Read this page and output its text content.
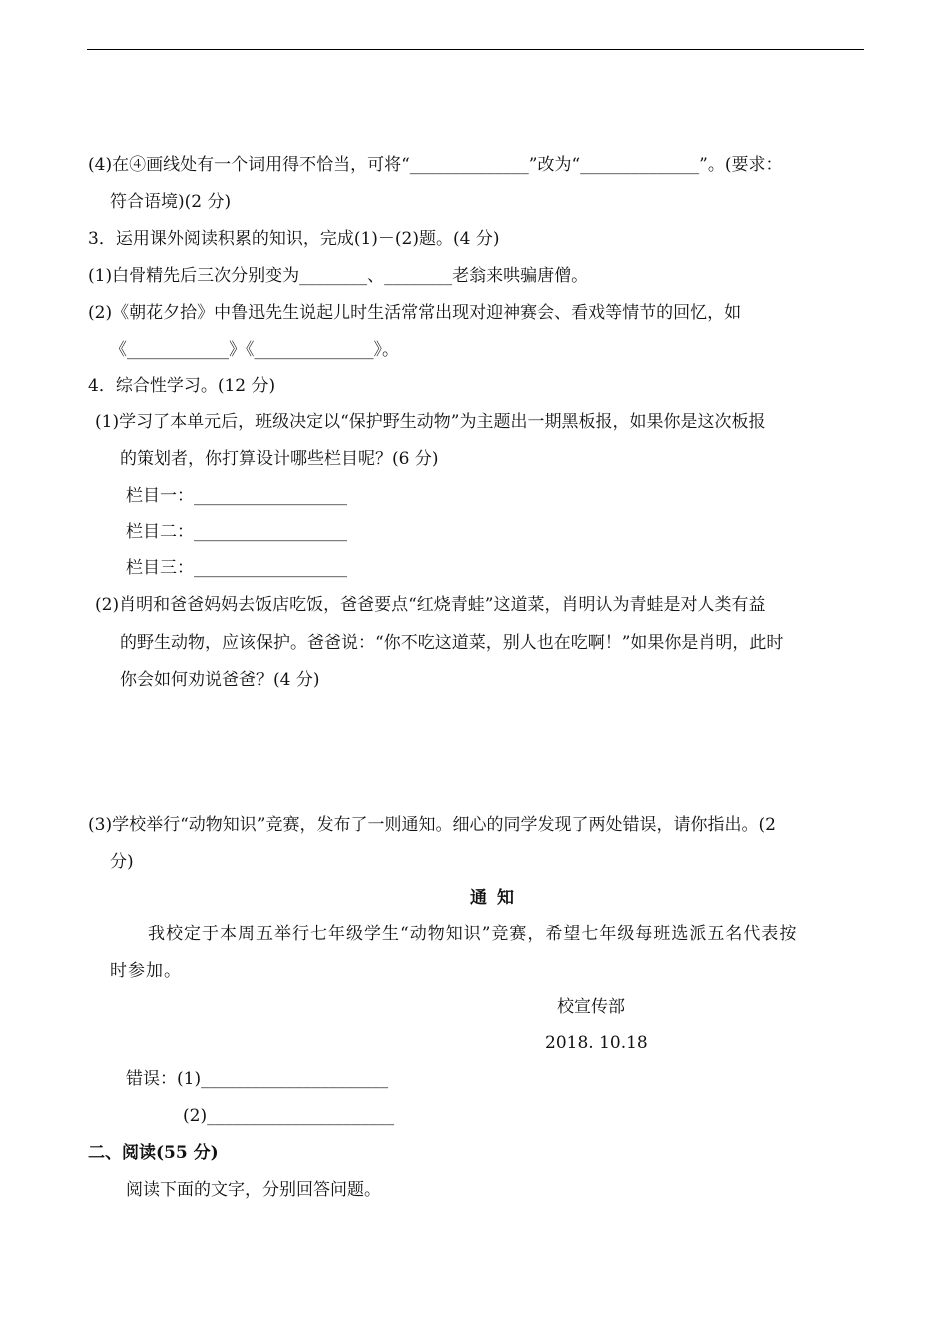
(4)在④画线处有一个词用得不恰当，可将“______________”改为“______________”。(要求：
符合语境)(2 分)
3．运用课外阅读积累的知识，完成(1)－(2)题。(4 分)
(1)白骨精先后三次分别变为________、________老翁来哄骗唐僧。
(2)《朝花夕拾》中鲁迅先生说起儿时生活常常出现对迎神赛会、看戏等情节的回忆，如
《____________》《______________》。
4．综合性学习。(12 分)
(1)学习了本单元后，班级决定以“保护野生动物”为主题出一期黑板报，如果你是这次板报
的策划者，你打算设计哪些栏目呢？(6 分)
栏目一：__________________
栏目二：__________________
栏目三：__________________
(2)肖明和爸爸妈妈去饭店吃饭，爸爸要点“红烧青蛙”这道菜，肖明认为青蛙是对人类有益
的野生动物，应该保护。爸爸说：“你不吃这道菜，别人也在吃啊！”如果你是肖明，此时
你会如何劝说爸爸？(4 分)
(3)学校举行“动物知识”竞赛，发布了一则通知。细心的同学发现了两处错误，请你指出。(2
分)
通知
我校定于本周五举行七年级学生“动物知识”竞赛，希望七年级每班选派五名代表按
时参加。
校宣传部
2018. 10.18
错误：(1)______________________
(2)______________________
二、阅读(55 分)
阅读下面的文字，分别回答问题。
